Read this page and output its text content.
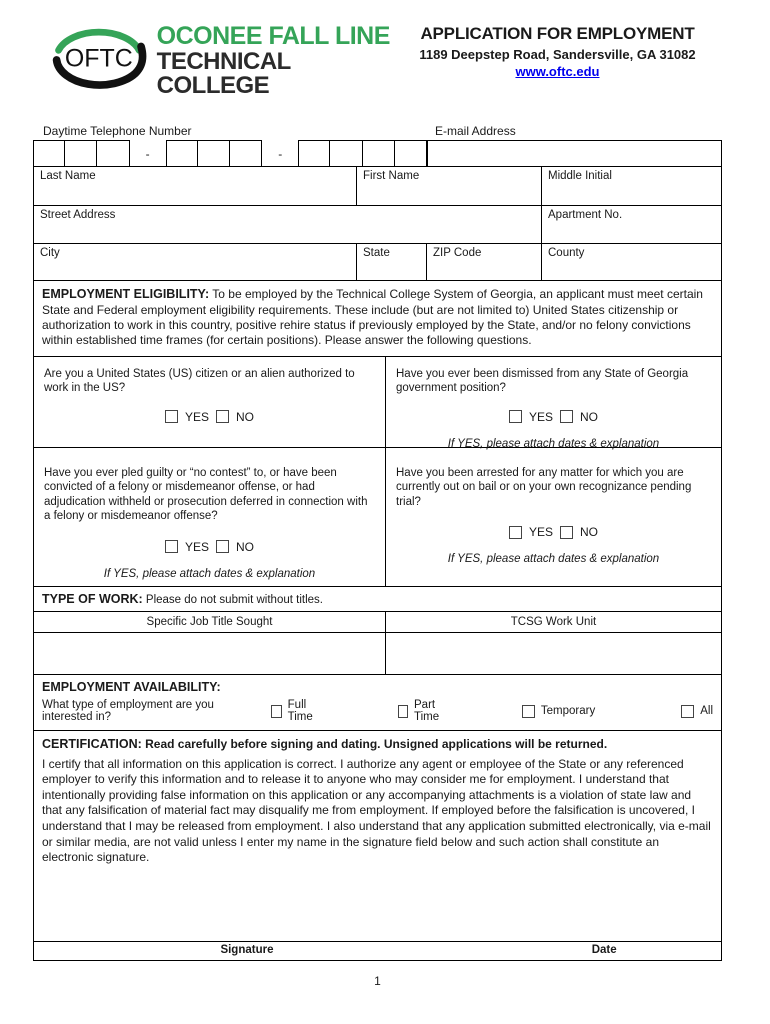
OFTC
OCONEE FALL LINE
TECHNICAL COLLEGE
APPLICATION FOR EMPLOYMENT
1189 Deepstep Road, Sandersville, GA 31082
www.oftc.edu
Daytime Telephone Number	E-mail Address
-	-
Last Name	First Name	Middle Initial
Street Address	Apartment No.
City	State	ZIP Code	County

EMPLOYMENT ELIGIBILITY: To be employed by the Technical College System of Georgia, an applicant must meet certain State and Federal employment eligibility requirements. These include (but are not limited to) United States citizenship or authorization to work in this country, positive rehire status if previously employed by the State, and/or no felony convictions within established time frames (for certain positions). Please answer the following questions.

Are you a United States (US) citizen or an alien authorized to work in the US?

YES NO

Have you ever been dismissed from any State of Georgia government position?

YES NO

If YES, please attach dates & explanation

Have you ever pled guilty or “no contest” to, or have been convicted of a felony or misdemeanor offense, or had adjudication withheld or prosecution deferred in connection with a felony or misdemeanor offense?

YES NO

If YES, please attach dates & explanation

Have you been arrested for any matter for which you are currently out on bail or on your own recognizance pending trial?

YES NO

If YES, please attach dates & explanation

TYPE OF WORK: Please do not submit without titles.
Specific Job Title Sought	TCSG Work Unit
EMPLOYMENT AVAILABILITY:
What type of employment are you interested in?
Full Time
Part Time	Temporary	All
CERTIFICATION: Read carefully before signing and dating. Unsigned applications will be returned.

I certify that all information on this application is correct. I authorize any agent or employee of the State or any referenced employer to verify this information and to release it to anyone who may consider me for employment. I understand that intentionally providing false information on this application or any accompanying attachments is a violation of state law and that any falsification of material fact may disqualify me from employment. If employed before the falsification is uncovered, I understand that I may be released from employment. I also understand that any application submitted electronically, via e-mail or similar media, are not valid unless I enter my name in the signature field below and such action shall constitute an electronic signature.

Signature	Date
1
